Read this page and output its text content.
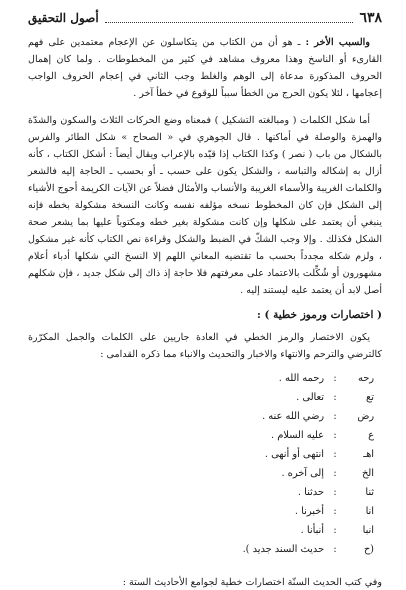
٦٣٨
أصول التحقيق

والسبب الأخر : ـ هو أن من الكتاب من يتكاسلون عن الإعجام معتمدين على فهم القارىء أو الناسخ وهذا معروف مشاهد في كثير من المخطوطات . ولما كان إهمال الحروف المذكورة مدعاة إلى الوهم والغلط وجب الثاني في إعجام الحروف الواجب إعجامها ، لئلا يكون الحرج من الخطأ سبباً للوقوع في خطأ آخر .

أما شكل الكلمات ( ومبالغته التشكيل ) فمعناه وضع الحركات الثلاث والسكون والشدّة والهمزة والوصلة في أماكنها . قال الجوهري في « الصحاح » شكل الطائر والفرس بالشكال من باب ( نصر ) وكذا الكتاب إذا قيّده بالإعراب ويقال أيضاً : أشكل الكتاب ، كأنه أزال به إشكاله والتباسه ، والشكل يكون على حسب ـ أو بحسب ـ الحاجة إليه فالشعر والكلمات الغريبة والأسماء الغريبة والأنساب والأمثال فضلاً عن الآيات الكريمة أحوج الأشياء إلى الشكل فإن كان المخطوط نسخه مؤلفه نفسه وكانت النسخة مشكولة بخطه فإنه ينبغي أن يعتمد على شكلها وإن كانت مشكولة بغير خطه ومكتوباً عليها بما يشعر صحة الشكل فكذلك . وإلا وجب الشكّ في الضبط والشكل وقراءة نص الكتاب كأنه غير مشكول ، ولزم شكله مجدداً بحسب ما تقتضيه المعاني اللهم إلا النسخ التي شكلها أدباء أعلام مشهورون أو شُكِّلت بالاعتماد على معرفتهم فلا حاجة إذ ذاك إلى شكل جديد ، فإن شكلهم أصل لابد أن يعتمد عليه ليستند إليه .

( اختصارات ورموز خطية ) :

يكون الاختصار والرمز الخطي في العادة جاريين على الكلمات والجمل المكرّرة كالترضي والترحم والانتهاء والاخبار والتحديث والانباء مما ذكره القدامى :

رحه
:
رحمه الله .
تع
:
تعالى .
رض
:
رضي الله عنه .
ع
:
عليه السلام .
اهـ
:
انتهى أو أنهى .
الخ
:
إلى آخره .
ثنا
:
حدثنا .
انا
:
أخبرنا .
انبا
:
أنبأنا .
(ح
:
حديث السند جديد ).
وفي كتب الحديث السنّة اختصارات خطية لجوامع الأحاديث الستة :
